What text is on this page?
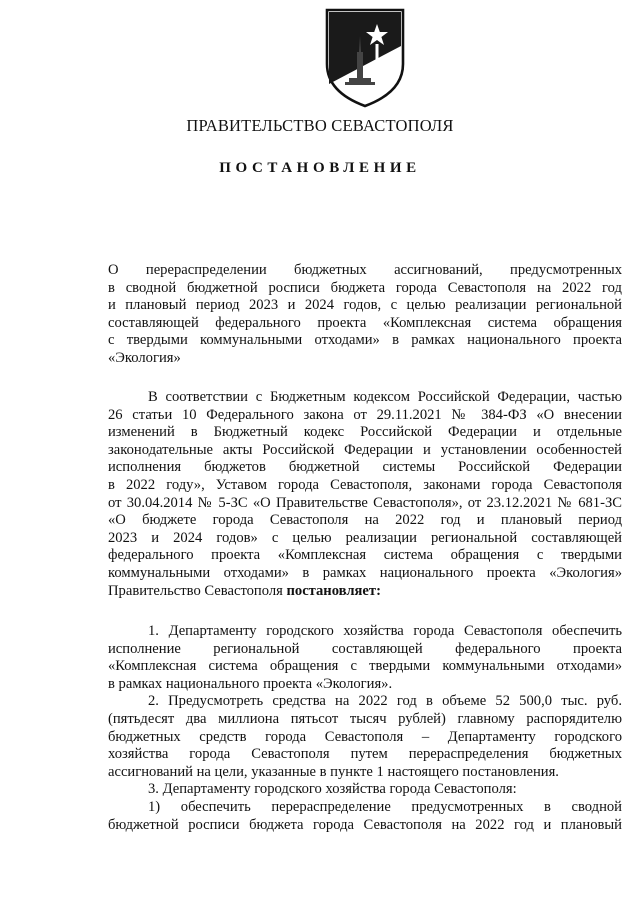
ПРАВИТЕЛЬСТВО СЕВАСТОПОЛЯ
ПОСТАНОВЛЕНИЕ
О перераспределении бюджетных ассигнований, предусмотренных
в сводной бюджетной росписи бюджета города Севастополя на 2022 год
и плановый период 2023 и 2024 годов, с целью реализации региональной
составляющей федерального проекта «Комплексная система обращения
с твердыми коммунальными отходами» в рамках национального проекта
«Экология»
В соответствии с Бюджетным кодексом Российской Федерации, частью
26 статьи 10 Федерального закона от 29.11.2021 № 384-ФЗ «О внесении
изменений в Бюджетный кодекс Российской Федерации и отдельные
законодательные акты Российской Федерации и установлении особенностей
исполнения бюджетов бюджетной системы Российской Федерации
в 2022 году», Уставом города Севастополя, законами города Севастополя
от 30.04.2014 № 5-ЗС «О Правительстве Севастополя», от 23.12.2021 № 681-ЗС
«О бюджете города Севастополя на 2022 год и плановый период
2023 и 2024 годов» с целью реализации региональной составляющей
федерального проекта «Комплексная система обращения с твердыми
коммунальными отходами» в рамках национального проекта «Экология»
Правительство Севастополя постановляет:
1. Департаменту городского хозяйства города Севастополя обеспечить
исполнение региональной составляющей федерального проекта
«Комплексная система обращения с твердыми коммунальными отходами»
в рамках национального проекта «Экология».
2. Предусмотреть средства на 2022 год в объеме 52 500,0 тыс. руб.
(пятьдесят два миллиона пятьсот тысяч рублей) главному распорядителю
бюджетных средств города Севастополя – Департаменту городского
хозяйства города Севастополя путем перераспределения бюджетных
ассигнований на цели, указанные в пункте 1 настоящего постановления.
3. Департаменту городского хозяйства города Севастополя:
1) обеспечить перераспределение предусмотренных в сводной
бюджетной росписи бюджета города Севастополя на 2022 год и плановый
